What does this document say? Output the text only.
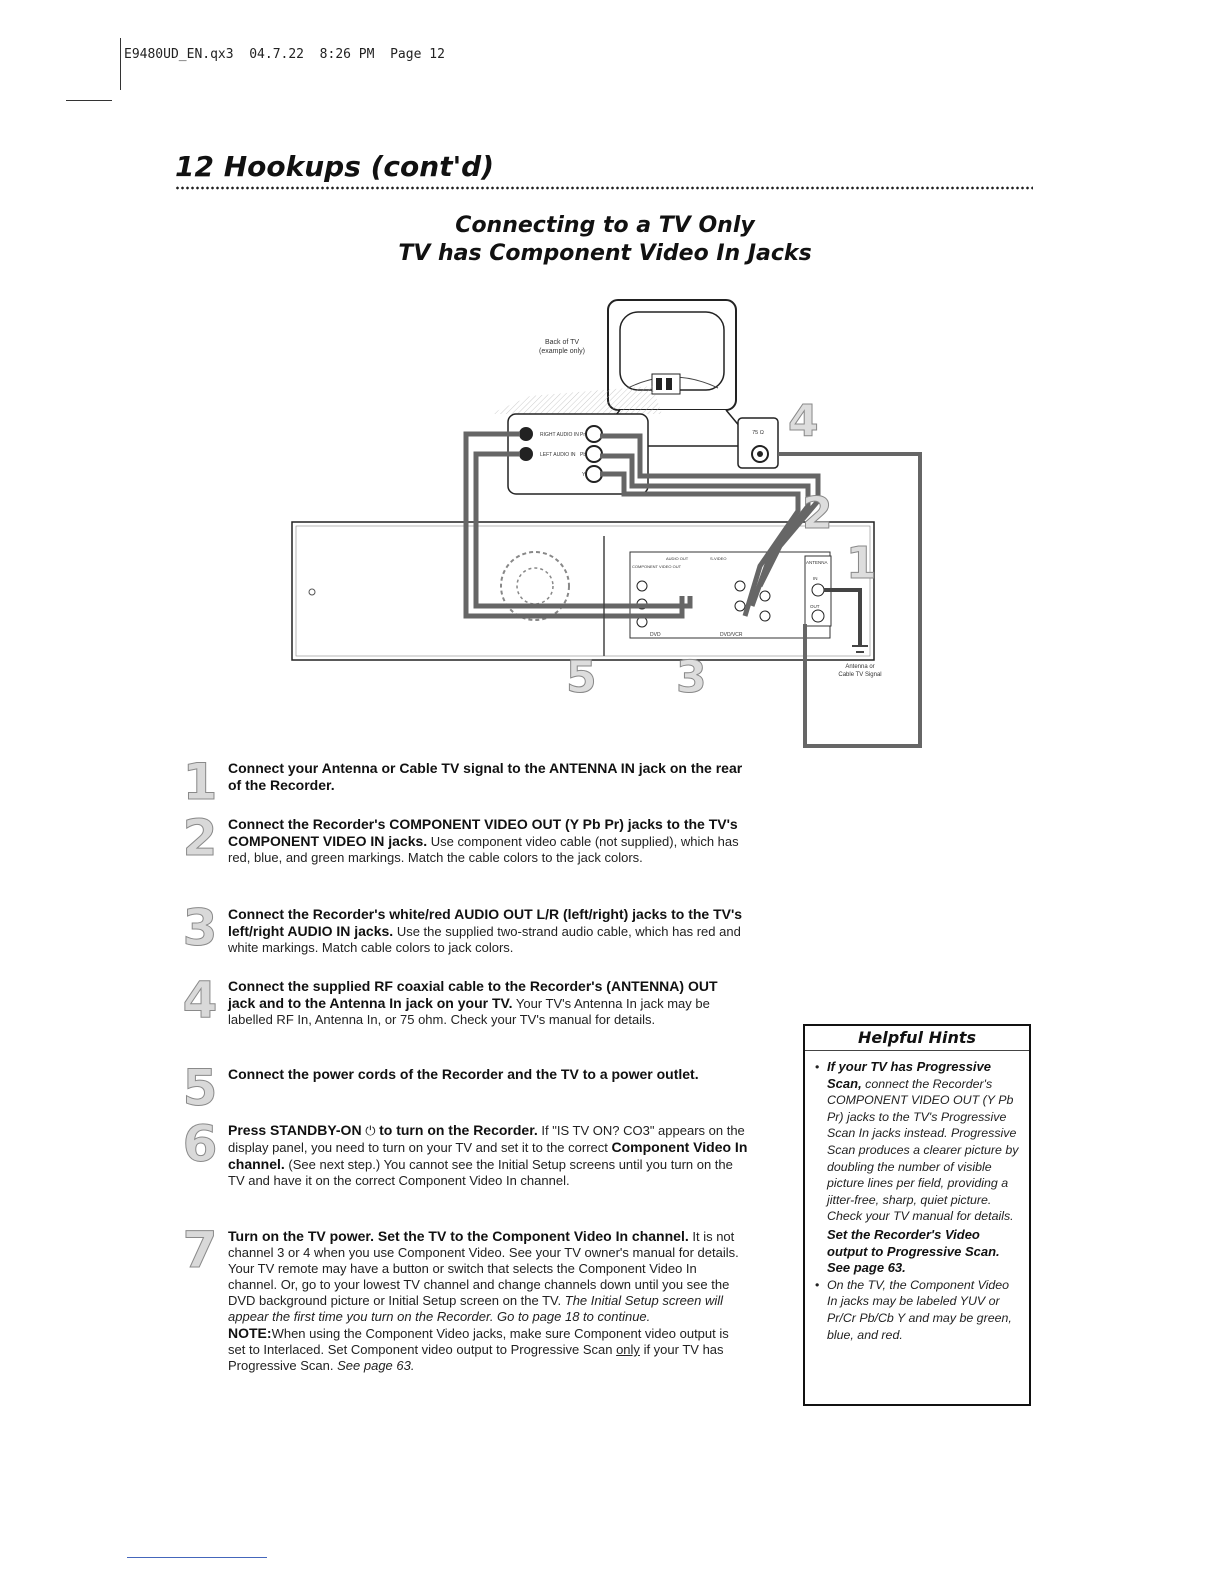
E9480UD_EN.qx3  04.7.22  8:26 PM  Page 12
12 Hookups (cont'd)
Connecting to a TV Only
TV has Component Video In Jacks
Back of TV
(example only)
RIGHT AUDIO IN
LEFT AUDIO IN
Pr
Pb
Y
75 Ω
DVD	DVD/VCR
ANTENNA
IN
OUT
AUDIO OUT	S-VIDEO
COMPONENT VIDEO OUT
Antenna or
Cable TV Signal
1
2
3
4
5
1 Connect your Antenna or Cable TV signal to the ANTENNA IN jack on the rear of the Recorder.
2 Connect the Recorder's COMPONENT VIDEO OUT (Y Pb Pr) jacks to the TV's COMPONENT VIDEO IN jacks. Use component video cable (not supplied), which has red, blue, and green markings. Match the cable colors to the jack colors.
3 Connect the Recorder's white/red AUDIO OUT L/R (left/right) jacks to the TV's left/right AUDIO IN jacks. Use the supplied two-strand audio cable, which has red and white markings. Match cable colors to jack colors.
4 Connect the supplied RF coaxial cable to the Recorder's (ANTENNA) OUT jack and to the Antenna In jack on your TV. Your TV's Antenna In jack may be labelled RF In, Antenna In, or 75 ohm. Check your TV's manual for details.
5 Connect the power cords of the Recorder and the TV to a power outlet.
6 Press STANDBY-ON ⏻ to turn on the Recorder. If "IS TV ON? CO3" appears on the display panel, you need to turn on your TV and set it to the correct Component Video In channel. (See next step.) You cannot see the Initial Setup screens until you turn on the TV and have it on the correct Component Video In channel.
7 Turn on the TV power. Set the TV to the Component Video In channel. It is not channel 3 or 4 when you use Component Video. See your TV owner's manual for details. Your TV remote may have a button or switch that selects the Component Video In channel. Or, go to your lowest TV channel and change channels down until you see the DVD background picture or Initial Setup screen on the TV. The Initial Setup screen will appear the first time you turn on the Recorder. Go to page 18 to continue.
NOTE:When using the Component Video jacks, make sure Component video output is set to Interlaced. Set Component video output to Progressive Scan only if your TV has Progressive Scan. See page 63.
Helpful Hints
• If your TV has Progressive Scan, connect the Recorder's COMPONENT VIDEO OUT (Y Pb Pr) jacks to the TV's Progressive Scan In jacks instead. Progressive Scan produces a clearer picture by doubling the number of visible picture lines per field, providing a jitter-free, sharp, quiet picture. Check your TV manual for details.
Set the Recorder's Video output to Progressive Scan. See page 63.
• On the TV, the Component Video In jacks may be labeled YUV or Pr/Cr Pb/Cb Y and may be green, blue, and red.
